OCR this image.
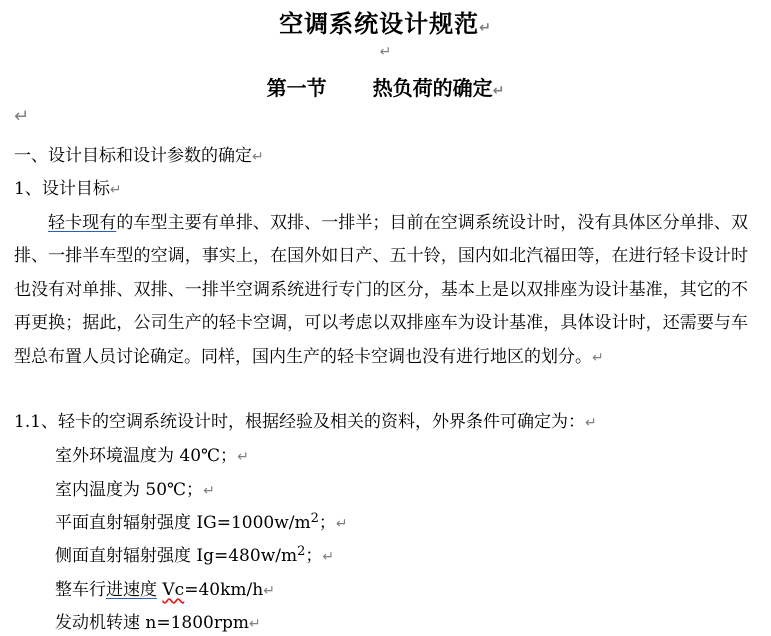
空调系统设计规范↵
↵
第一节 热负荷的确定↵
↵
一、设计目标和设计参数的确定↵
1、设计目标↵
轻卡现有的车型主要有单排、双排、一排半；目前在空调系统设计时，没有具体区分单排、双排、一排半车型的空调，事实上，在国外如日产、五十铃，国内如北汽福田等，在进行轻卡设计时也没有对单排、双排、一排半空调系统进行专门的区分，基本上是以双排座为设计基准，其它的不再更换；据此，公司生产的轻卡空调，可以考虑以双排座车为设计基准，具体设计时，还需要与车型总布置人员讨论确定。同样，国内生产的轻卡空调也没有进行地区的划分。↵
1.1、轻卡的空调系统设计时，根据经验及相关的资料，外界条件可确定为：↵
室外环境温度为 40℃；↵
室内温度为 50℃；↵
平面直射辐射强度 $IG=1000w/m^2$；↵
侧面直射辐射强度 $Ig=480w/m^2$；↵
整车行进速度 Vc=40km/h↵
发动机转速 n=1800rpm↵
